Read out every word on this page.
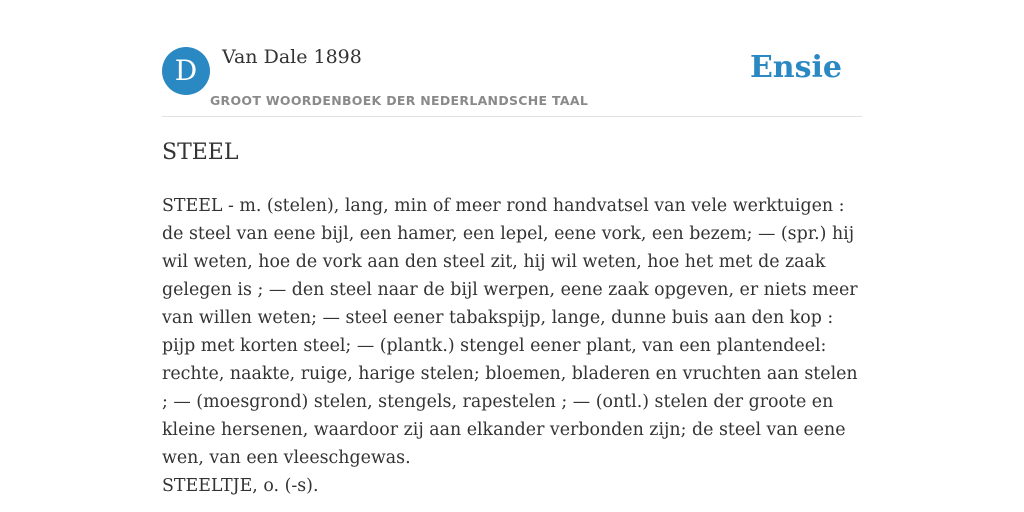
D	Van Dale 1898
GROOT WOORDENBOEK DER NEDERLANDSCHE TAAL
Ensie
STEEL

STEEL - m. (stelen), lang, min of meer rond handvatsel van vele werktuigen : de steel van eene bijl, een hamer, een lepel, eene vork, een bezem; — (spr.) hij wil weten, hoe de vork aan den steel zit, hij wil weten, hoe het met de zaak gelegen is ; — den steel naar de bijl werpen, eene zaak opgeven, er niets meer van willen weten; — steel eener tabakspijp, lange, dunne buis aan den kop : pijp met korten steel; — (plantk.) stengel eener plant, van een plantendeel: rechte, naakte, ruige, harige stelen; bloemen, bladeren en vruchten aan stelen ; — (moesgrond) stelen, stengels, rapestelen ; — (ontl.) stelen der groote en kleine hersenen, waardoor zij aan elkander verbonden zijn; de steel van eene wen, van een vleeschgewas.

STEELTJE, o. (-s).
